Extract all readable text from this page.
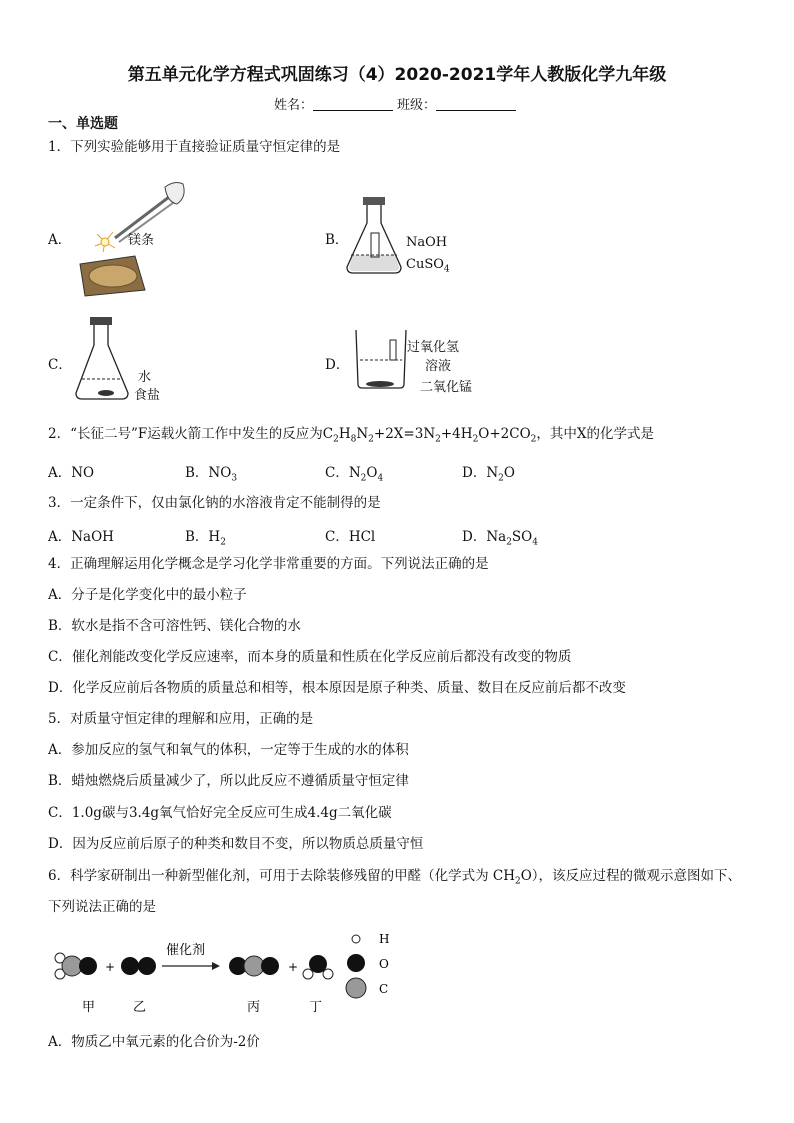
第五单元化学方程式巩固练习（4）2020-2021学年人教版化学九年级
姓名：	班级：
一、单选题
1．下列实验能够用于直接验证质量守恒定律的是
A．	镁条	B．	NaOH
CuSO$_4$
C．
水
食盐
D．
过氧化氢
溶液
二氧化锰
2．“长征二号”F运载火箭工作中发生的反应为$C_2H_8N_2+2X=3N_2+4H_2O+2CO_2$，其中X的化学式是
A．NO	B．$NO_3$	C．$N_2O_4$	D．$N_2O$
3．一定条件下，仅由氯化钠的水溶液肯定不能制得的是
A．NaOH	B．$H_2$	C．HCl	D．$Na_2SO_4$
4．正确理解运用化学概念是学习化学非常重要的方面。下列说法正确的是
A．分子是化学变化中的最小粒子
B．软水是指不含可溶性钙、镁化合物的水
C．催化剂能改变化学反应速率，而本身的质量和性质在化学反应前后都没有改变的物质
D．化学反应前后各物质的质量总和相等，根本原因是原子种类、质量、数目在反应前后都不改变
5．对质量守恒定律的理解和应用，正确的是
A．参加反应的氢气和氧气的体积，一定等于生成的水的体积
B．蜡烛燃烧后质量减少了，所以此反应不遵循质量守恒定律
C．1.0g碳与3.4g氧气恰好完全反应可生成4.4g二氧化碳
D．因为反应前后原子的种类和数目不变，所以物质总质量守恒
6．科学家研制出一种新型催化剂，可用于去除装修残留的甲醛（化学式为 $CH_2O$），该反应过程的微观示意图如下、
下列说法正确的是
+
催化剂
+
甲	乙	丙	丁
H
O
C
A．物质乙中氧元素的化合价为-2价
